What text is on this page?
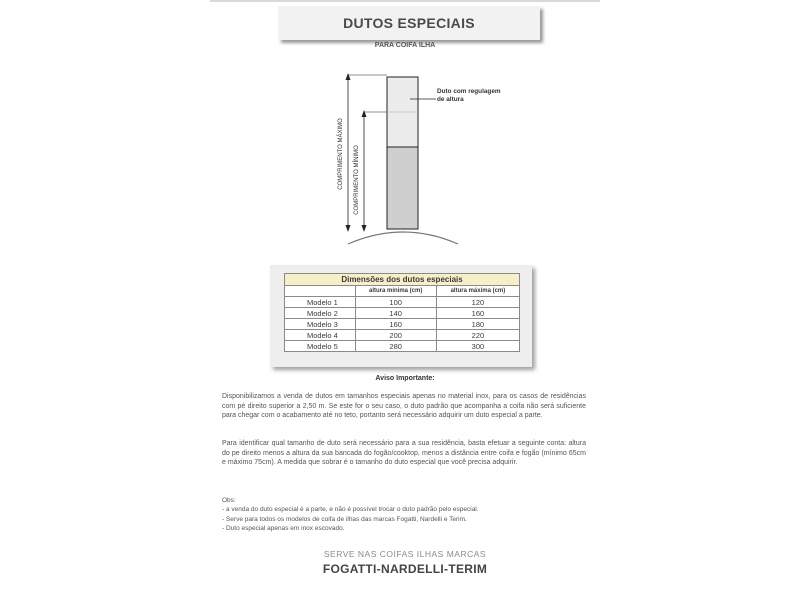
DUTOS ESPECIAIS
PARA COIFA ILHA
COMPRIMENTO MÁXIMO COMPRIMENTO MÍNIMO
Duto com regulagem
de altura
Dimensões dos dutos especiais		
	altura mínima (cm)	altura máxima (cm)
Modelo 1	100	120
Modelo 2	140	160
Modelo 3	160	180
Modelo 4	200	220
Modelo 5	280	300
Aviso Importante:

Disponibilizamos a venda de dutos em tamanhos especiais apenas no material inox, para os casos de residências com pé direito superior a 2,50 m. Se este for o seu caso, o duto padrão que acompanha a coifa não será suficiente para chegar com o acabamento até no teto, portanto será necessário adquirir um duto especial a parte.

Para identificar qual tamanho de duto será necessário para a sua residência, basta efetuar a seguinte conta: altura do pe direito menos a altura da sua bancada do fogão/cooktop, menos a distância entre coifa e fogão (mínimo 65cm e máximo 75cm). A medida que sobrar é o tamanho do duto especial que você precisa adquirir.

Obs:
- a venda do duto especial é a parte, e não é possível trocar o duto padrão pelo especial.
- Serve para todos os modelos de coifa de ilhas das marcas Fogatti, Nardelli e Terim.
- Duto especial apenas em inox escovado.
SERVE NAS COIFAS ILHAS MARCAS
FOGATTI-NARDELLI-TERIM
